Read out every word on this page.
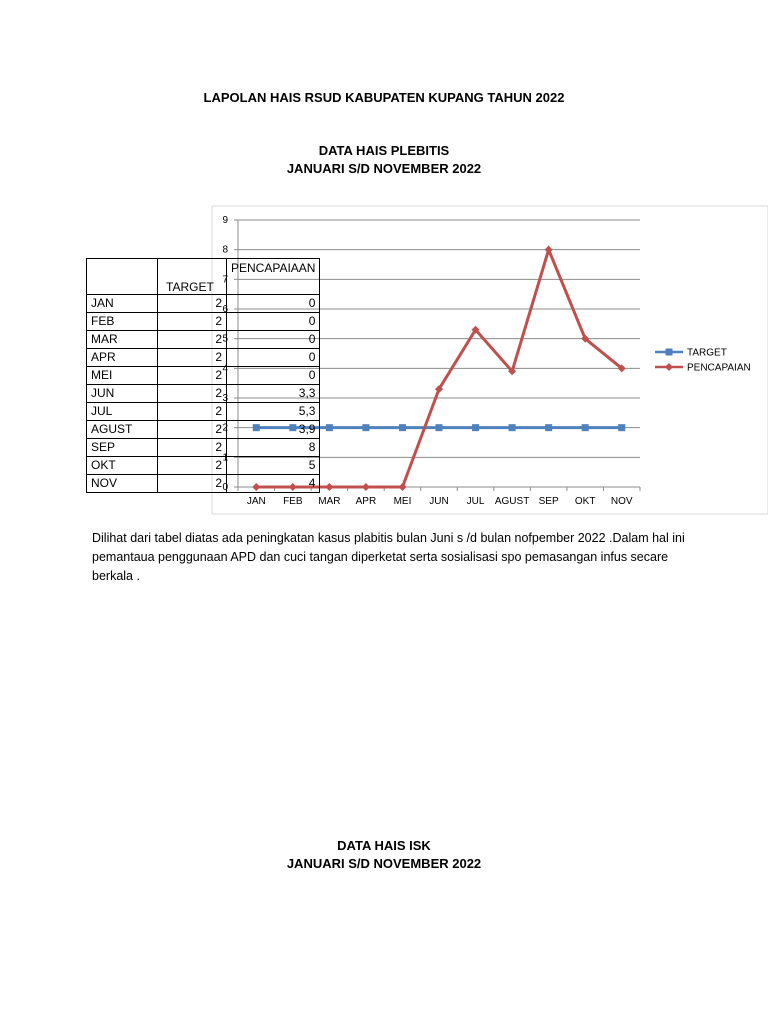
LAPOLAN HAIS RSUD KABUPATEN KUPANG TAHUN 2022
DATA HAIS PLEBITIS
JANUARI S/D NOVEMBER 2022
0
1
2
3
4
5
6
7
8
9
JAN FEB MAR APR MEI JUN JUL AGUST SEP OKT NOV
TARGET
PENCAPAIAN
	TARGET	PENCAPAIAAN
JAN	2	0
FEB	2	0
MAR	2	0
APR	2	0
MEI	2	0
JUN	2	3,3
JUL	2	5,3
AGUST	2	3,9
SEP	2	8
OKT	2	5
NOV	2	4
Dilihat dari tabel diatas ada peningkatan kasus plabitis bulan Juni s /d bulan nofpember 2022 .Dalam hal ini pemantaua penggunaan APD dan cuci tangan diperketat serta sosialisasi spo pemasangan infus secare berkala .
DATA HAIS ISK
JANUARI S/D NOVEMBER 2022
